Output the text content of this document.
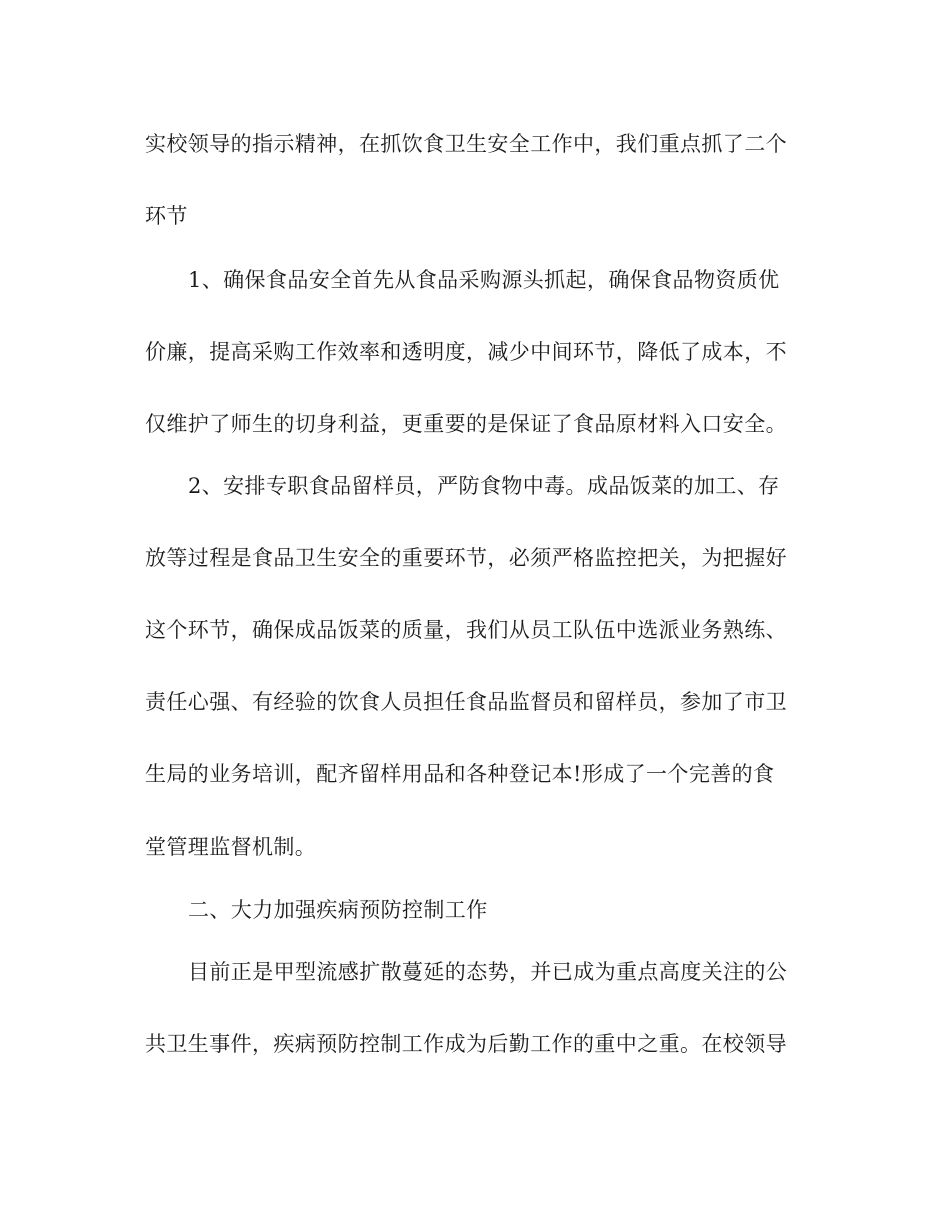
实校领导的指示精神，在抓饮食卫生安全工作中，我们重点抓了二个
环节
1、确保食品安全首先从食品采购源头抓起，确保食品物资质优
价廉，提高采购工作效率和透明度，减少中间环节，降低了成本，不
仅维护了师生的切身利益，更重要的是保证了食品原材料入口安全。
2、安排专职食品留样员，严防食物中毒。成品饭菜的加工、存
放等过程是食品卫生安全的重要环节，必须严格监控把关，为把握好
这个环节，确保成品饭菜的质量，我们从员工队伍中选派业务熟练、
责任心强、有经验的饮食人员担任食品监督员和留样员，参加了市卫
生局的业务培训，配齐留样用品和各种登记本!形成了一个完善的食
堂管理监督机制。
二、大力加强疾病预防控制工作
目前正是甲型流感扩散蔓延的态势，并已成为重点高度关注的公
共卫生事件，疾病预防控制工作成为后勤工作的重中之重。在校领导
